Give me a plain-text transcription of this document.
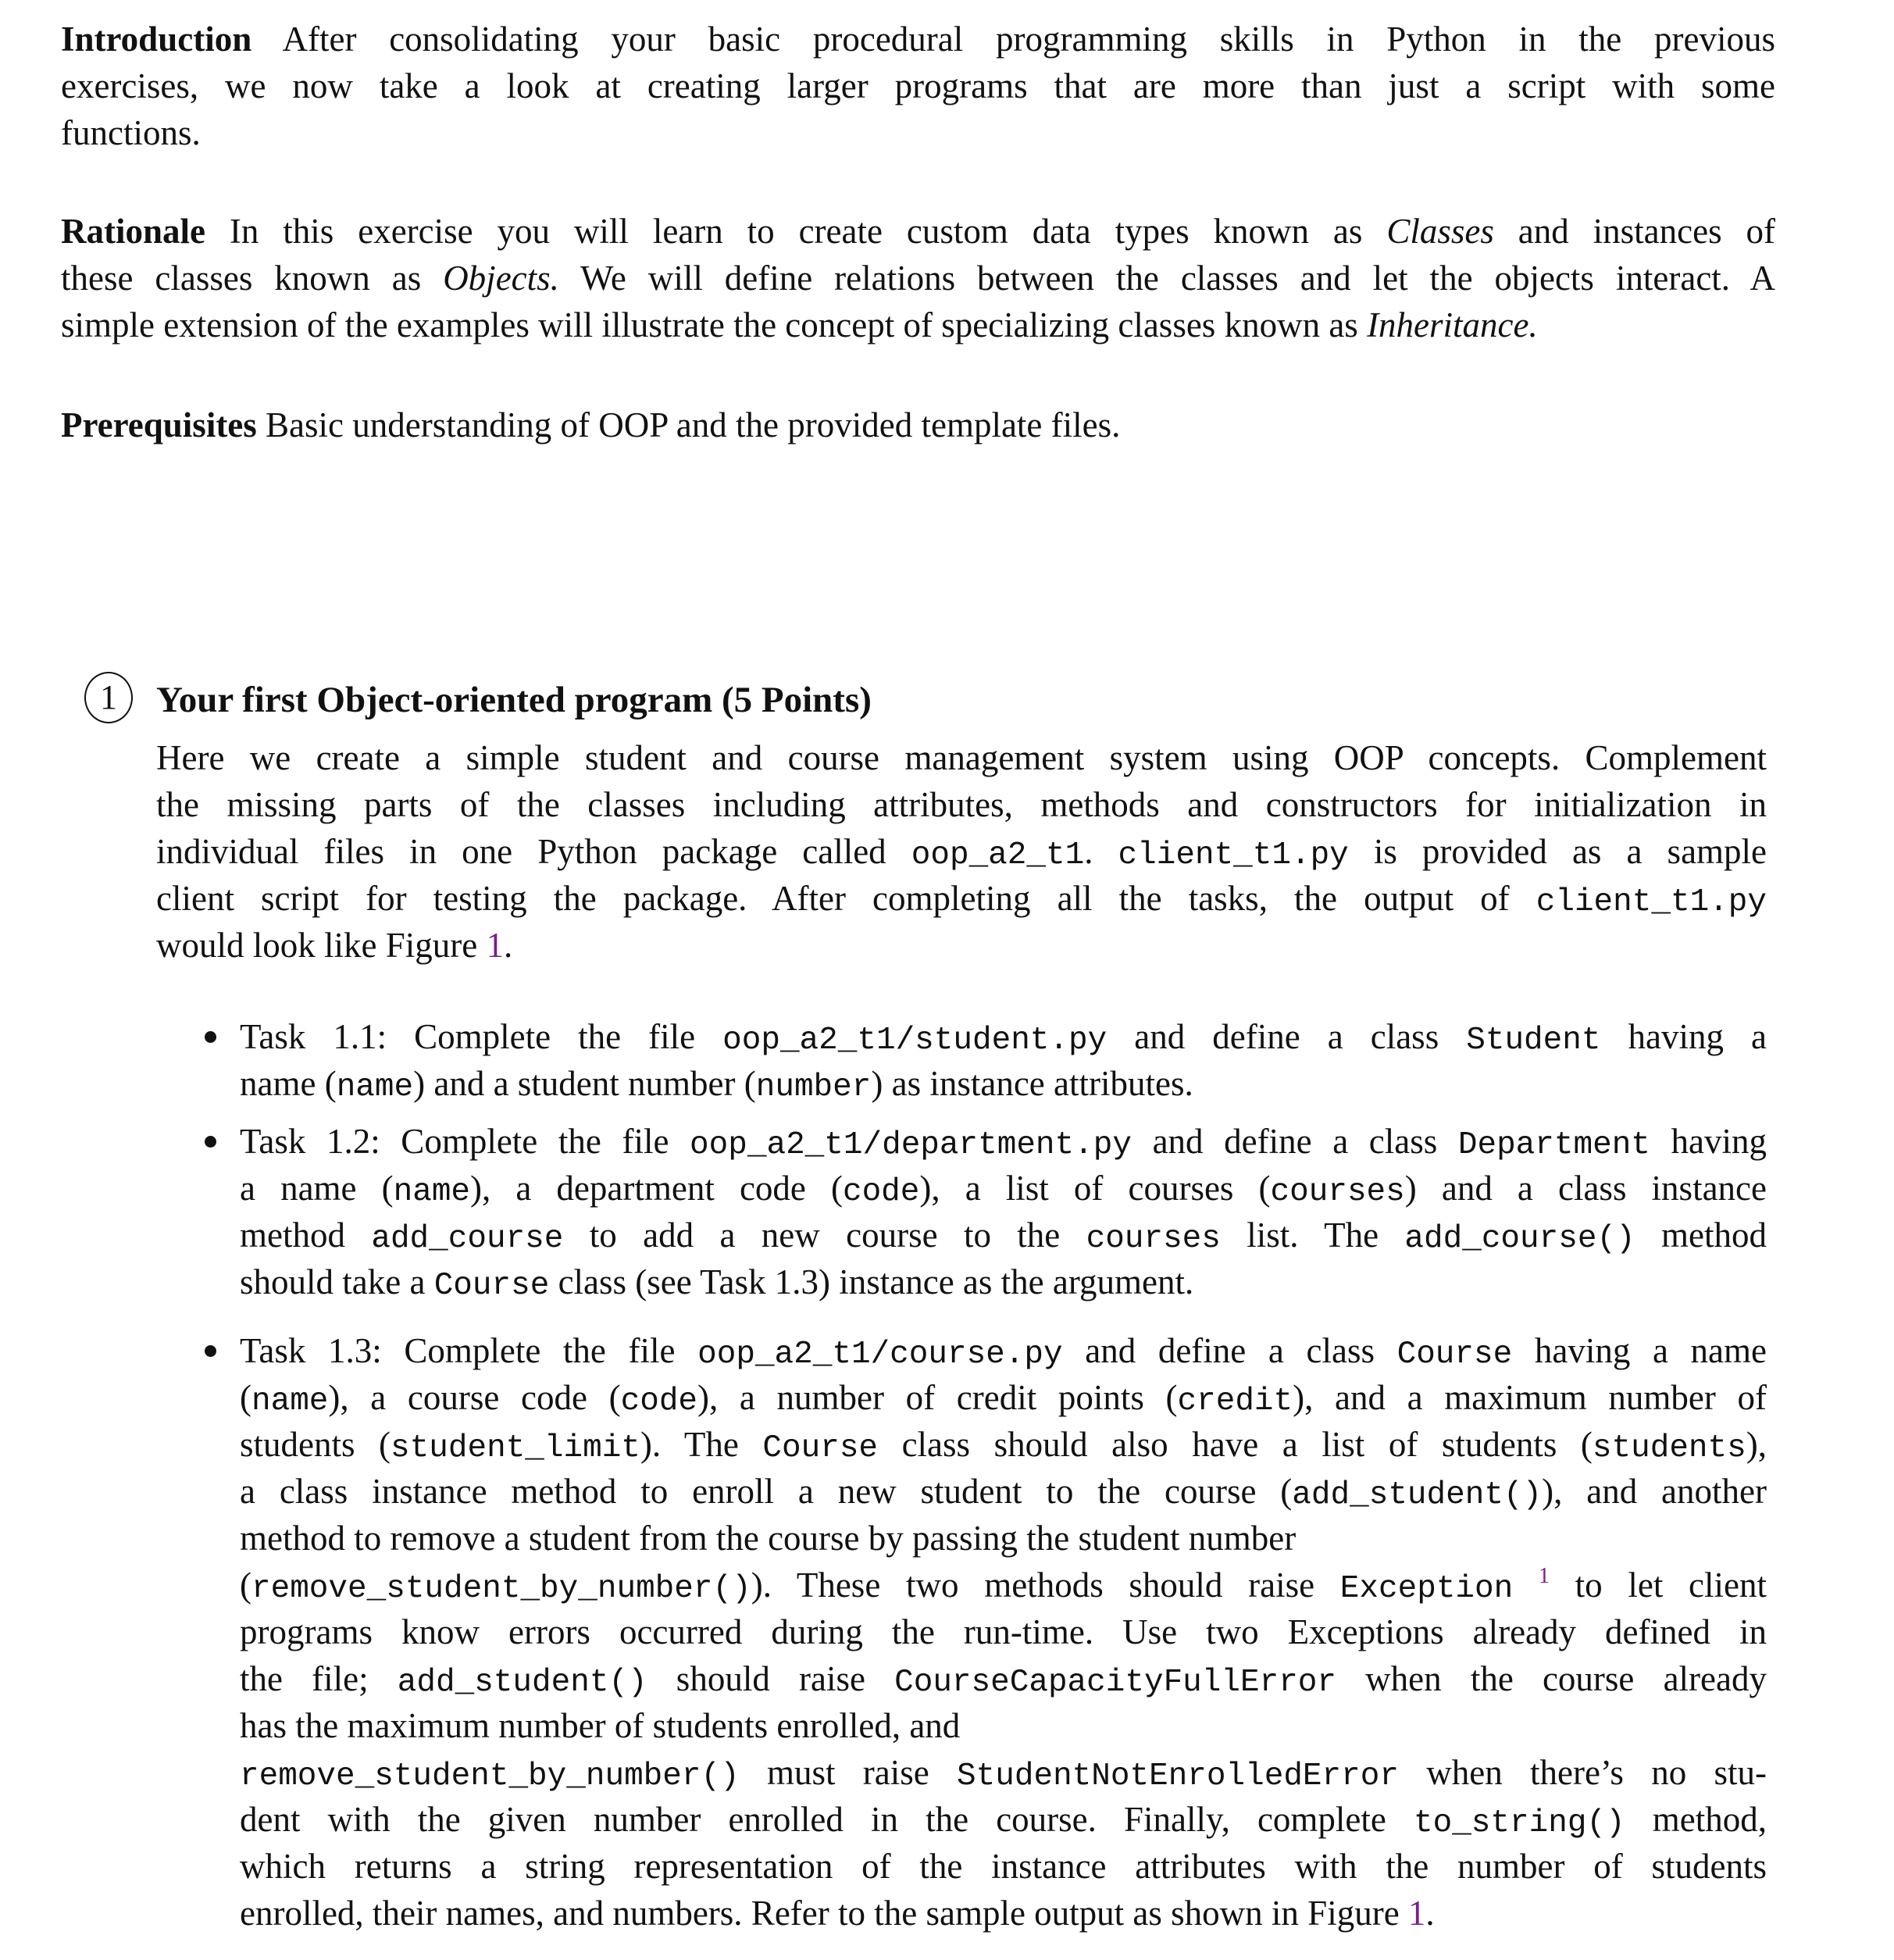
Introduction After consolidating your basic procedural programming skills in Python in the previous
exercises, we now take a look at creating larger programs that are more than just a script with some
functions.
Rationale In this exercise you will learn to create custom data types known as Classes and instances of
these classes known as Objects. We will define relations between the classes and let the objects interact. A
simple extension of the examples will illustrate the concept of specializing classes known as Inheritance.
Prerequisites Basic understanding of OOP and the provided template files.
1	Your first Object-oriented program (5 Points)
Here we create a simple student and course management system using OOP concepts. Complement
the missing parts of the classes including attributes, methods and constructors for initialization in
individual files in one Python package called oop_a2_t1. client_t1.py is provided as a sample
client script for testing the package. After completing all the tasks, the output of client_t1.py
would look like Figure 1.
Task 1.1: Complete the file oop_a2_t1/student.py and define a class Student having a
name (name) and a student number (number) as instance attributes.
Task 1.2: Complete the file oop_a2_t1/department.py and define a class Department having
a name (name), a department code (code), a list of courses (courses) and a class instance
method add_course to add a new course to the courses list. The add_course() method
should take a Course class (see Task 1.3) instance as the argument.
Task 1.3: Complete the file oop_a2_t1/course.py and define a class Course having a name
(name), a course code (code), a number of credit points (credit), and a maximum number of
students (student_limit). The Course class should also have a list of students (students),
a class instance method to enroll a new student to the course (add_student()), and another
method to remove a student from the course by passing the student number
(remove_student_by_number()). These two methods should raise Exception $^1$ to let client
programs know errors occurred during the run-time. Use two Exceptions already defined in
the file; add_student() should raise CourseCapacityFullError when the course already
has the maximum number of students enrolled, and
remove_student_by_number() must raise StudentNotEnrolledError when there’s no stu-
dent with the given number enrolled in the course. Finally, complete to_string() method,
which returns a string representation of the instance attributes with the number of students
enrolled, their names, and numbers. Refer to the sample output as shown in Figure 1.
